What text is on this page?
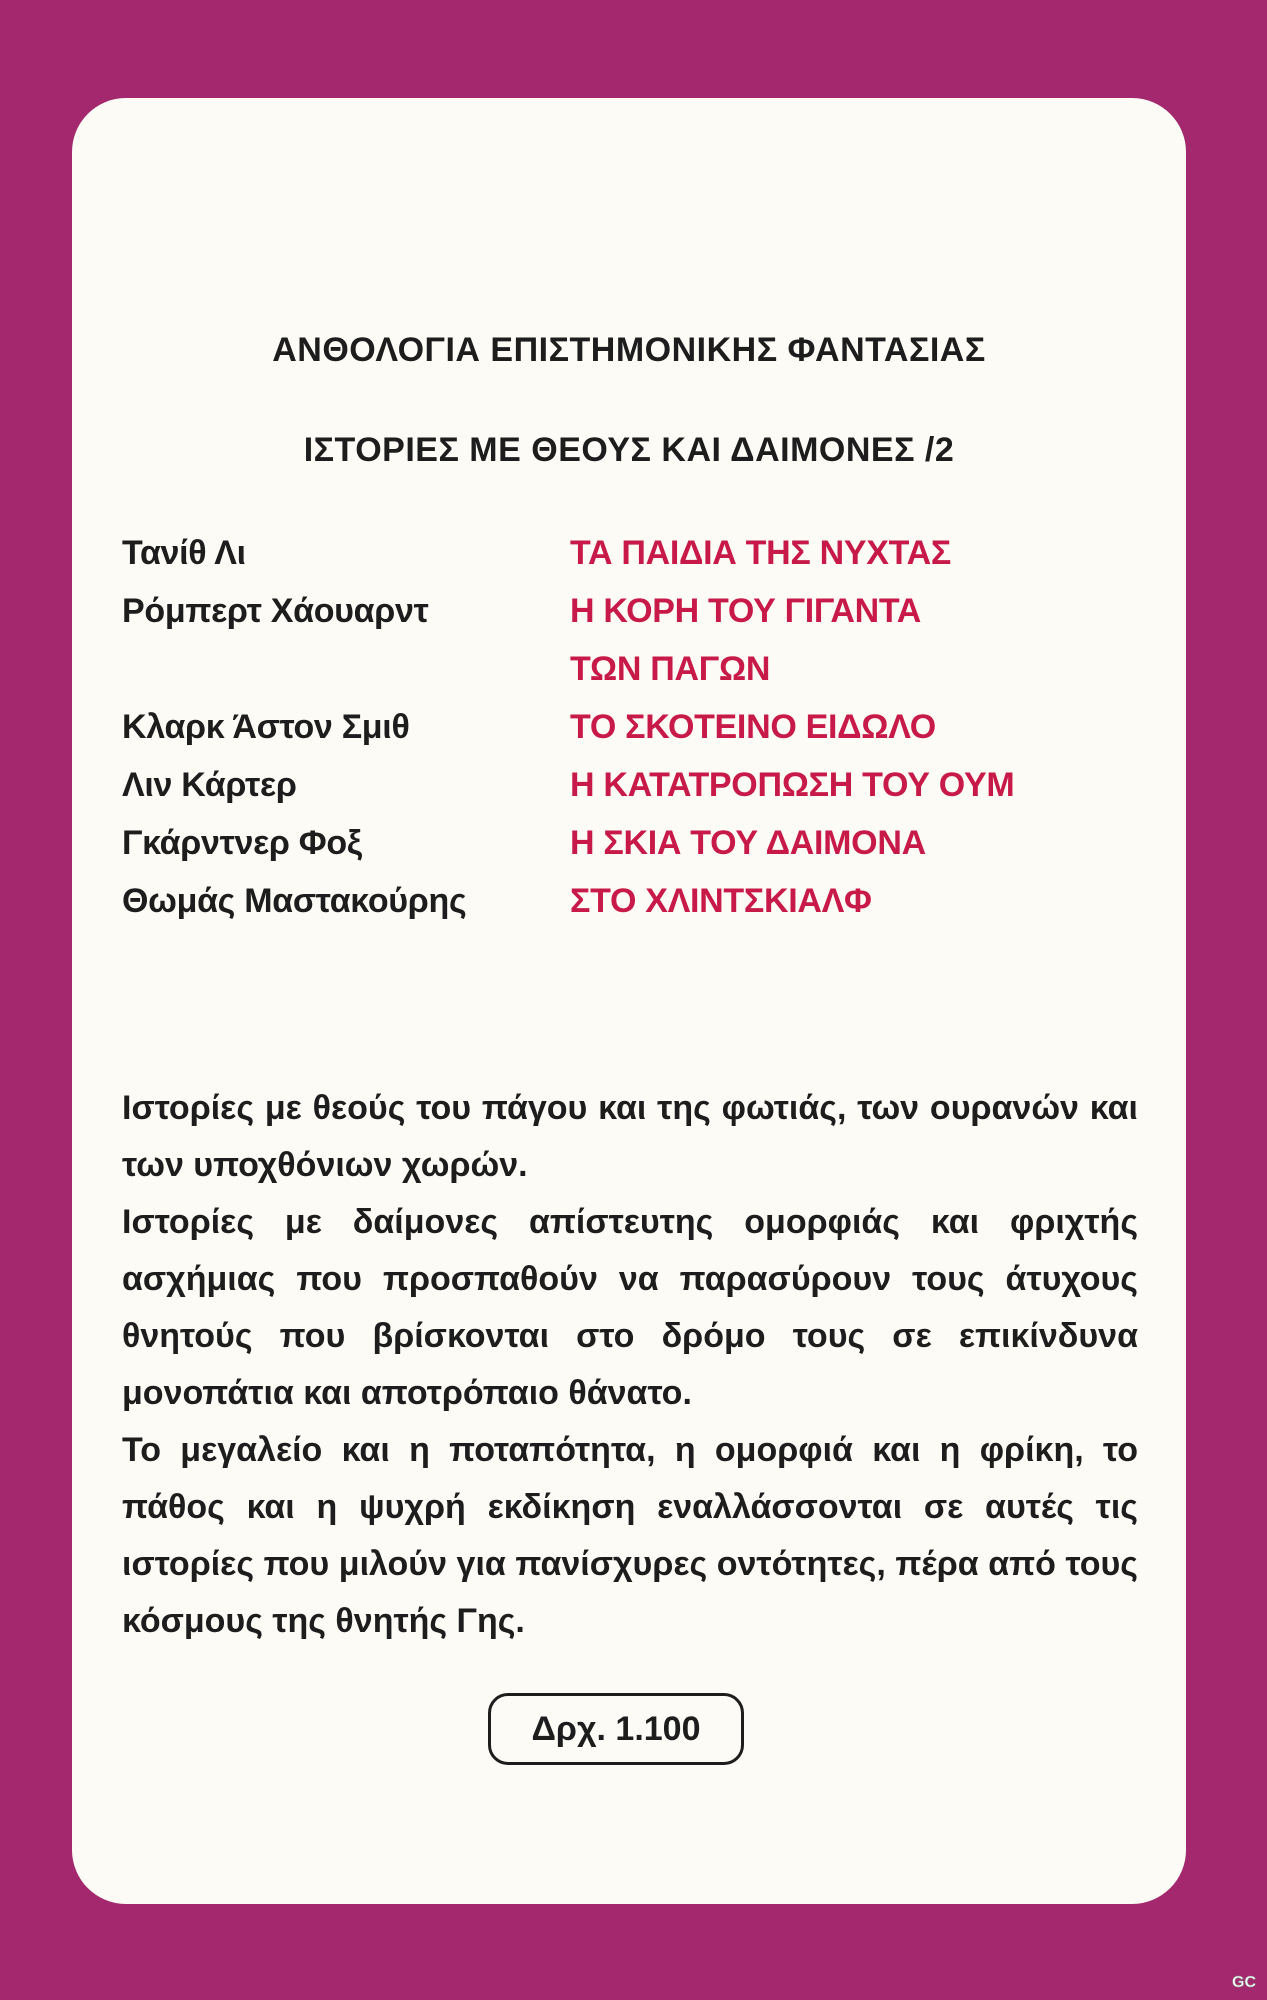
ΑΝΘΟΛΟΓΙΑ ΕΠΙΣΤΗΜΟΝΙΚΗΣ ΦΑΝΤΑΣΙΑΣ
ΙΣΤΟΡΙΕΣ ΜΕ ΘΕΟΥΣ ΚΑΙ ΔΑΙΜΟΝΕΣ /2
Τανίθ Λι	ΤΑ ΠΑΙΔΙΑ ΤΗΣ ΝΥΧΤΑΣ
Ρόμπερτ Χάουαρντ	Η ΚΟΡΗ ΤΟΥ ΓΙΓΑΝΤΑ
ΤΩΝ ΠΑΓΩΝ
Κλαρκ Άστον Σμιθ	ΤΟ ΣΚΟΤΕΙΝΟ ΕΙΔΩΛΟ
Λιν Κάρτερ	Η ΚΑΤΑΤΡΟΠΩΣΗ ΤΟΥ ΟΥΜ
Γκάρντνερ Φοξ	Η ΣΚΙΑ ΤΟΥ ΔΑΙΜΟΝΑ
Θωμάς Μαστακούρης	ΣΤΟ ΧΛΙΝΤΣΚΙΑΛΦ

Ιστορίες με θεούς του πάγου και της φωτιάς, των ουρανών και των υποχθόνιων χωρών.

Ιστορίες με δαίμονες απίστευτης ομορφιάς και φριχτής ασχήμιας που προσπαθούν να παρασύρουν τους άτυχους θνητούς που βρίσκονται στο δρόμο τους σε επικίνδυνα μονοπάτια και αποτρόπαιο θάνατο.

Το μεγαλείο και η ποταπότητα, η ομορφιά και η φρίκη, το πάθος και η ψυχρή εκδίκηση εναλλάσσονται σε αυτές τις ιστορίες που μιλούν για πανίσχυρες οντότητες, πέρα από τους κόσμους της θνητής Γης.

Δρχ. 1.100
GC
